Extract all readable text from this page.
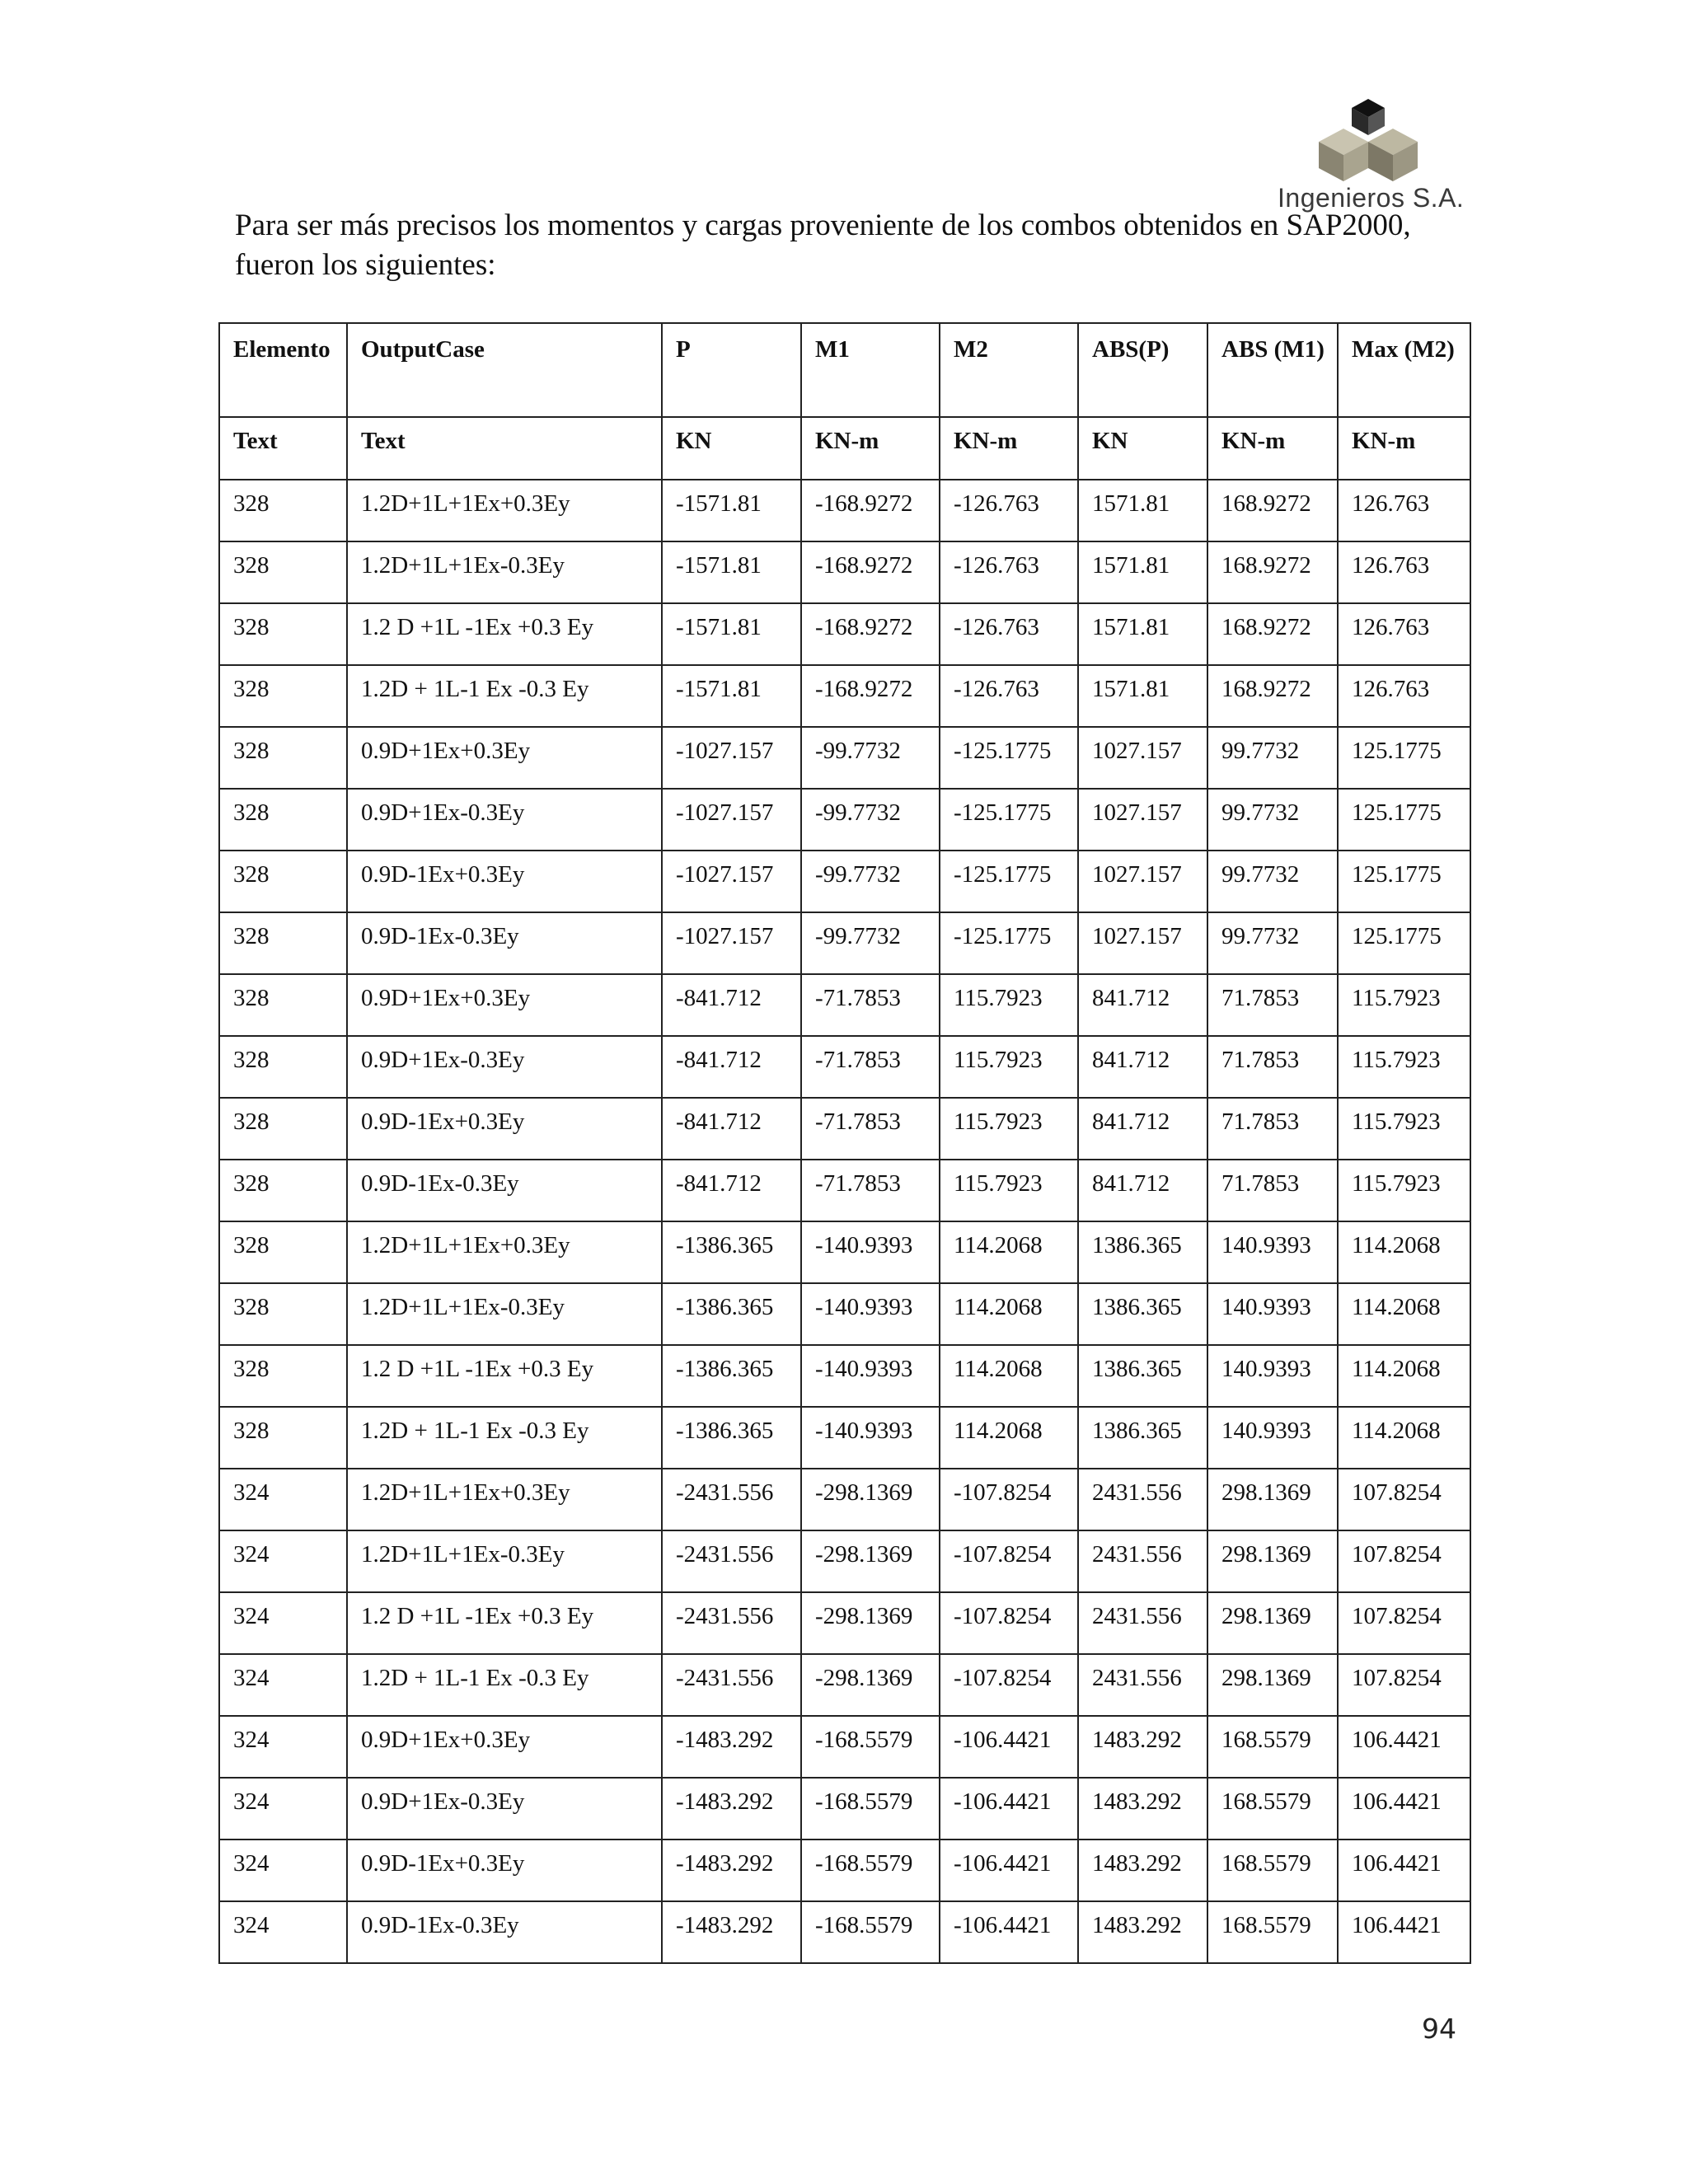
Ingenieros S.A.
Para ser más precisos los momentos y cargas proveniente de los combos obtenidos en SAP2000, fueron los siguientes:
Elemento	OutputCase	P	M1	M2	ABS(P)	ABS (M1)	Max (M2)
Text	Text	KN	KN-m	KN-m	KN	KN-m	KN-m
328	1.2D+1L+1Ex+0.3Ey	-1571.81	-168.9272	-126.763	1571.81	168.9272	126.763
328	1.2D+1L+1Ex-0.3Ey	-1571.81	-168.9272	-126.763	1571.81	168.9272	126.763
328	1.2 D +1L -1Ex +0.3 Ey	-1571.81	-168.9272	-126.763	1571.81	168.9272	126.763
328	1.2D + 1L-1 Ex -0.3 Ey	-1571.81	-168.9272	-126.763	1571.81	168.9272	126.763
328	0.9D+1Ex+0.3Ey	-1027.157	-99.7732	-125.1775	1027.157	99.7732	125.1775
328	0.9D+1Ex-0.3Ey	-1027.157	-99.7732	-125.1775	1027.157	99.7732	125.1775
328	0.9D-1Ex+0.3Ey	-1027.157	-99.7732	-125.1775	1027.157	99.7732	125.1775
328	0.9D-1Ex-0.3Ey	-1027.157	-99.7732	-125.1775	1027.157	99.7732	125.1775
328	0.9D+1Ex+0.3Ey	-841.712	-71.7853	115.7923	841.712	71.7853	115.7923
328	0.9D+1Ex-0.3Ey	-841.712	-71.7853	115.7923	841.712	71.7853	115.7923
328	0.9D-1Ex+0.3Ey	-841.712	-71.7853	115.7923	841.712	71.7853	115.7923
328	0.9D-1Ex-0.3Ey	-841.712	-71.7853	115.7923	841.712	71.7853	115.7923
328	1.2D+1L+1Ex+0.3Ey	-1386.365	-140.9393	114.2068	1386.365	140.9393	114.2068
328	1.2D+1L+1Ex-0.3Ey	-1386.365	-140.9393	114.2068	1386.365	140.9393	114.2068
328	1.2 D +1L -1Ex +0.3 Ey	-1386.365	-140.9393	114.2068	1386.365	140.9393	114.2068
328	1.2D + 1L-1 Ex -0.3 Ey	-1386.365	-140.9393	114.2068	1386.365	140.9393	114.2068
324	1.2D+1L+1Ex+0.3Ey	-2431.556	-298.1369	-107.8254	2431.556	298.1369	107.8254
324	1.2D+1L+1Ex-0.3Ey	-2431.556	-298.1369	-107.8254	2431.556	298.1369	107.8254
324	1.2 D +1L -1Ex +0.3 Ey	-2431.556	-298.1369	-107.8254	2431.556	298.1369	107.8254
324	1.2D + 1L-1 Ex -0.3 Ey	-2431.556	-298.1369	-107.8254	2431.556	298.1369	107.8254
324	0.9D+1Ex+0.3Ey	-1483.292	-168.5579	-106.4421	1483.292	168.5579	106.4421
324	0.9D+1Ex-0.3Ey	-1483.292	-168.5579	-106.4421	1483.292	168.5579	106.4421
324	0.9D-1Ex+0.3Ey	-1483.292	-168.5579	-106.4421	1483.292	168.5579	106.4421
324	0.9D-1Ex-0.3Ey	-1483.292	-168.5579	-106.4421	1483.292	168.5579	106.4421
94
